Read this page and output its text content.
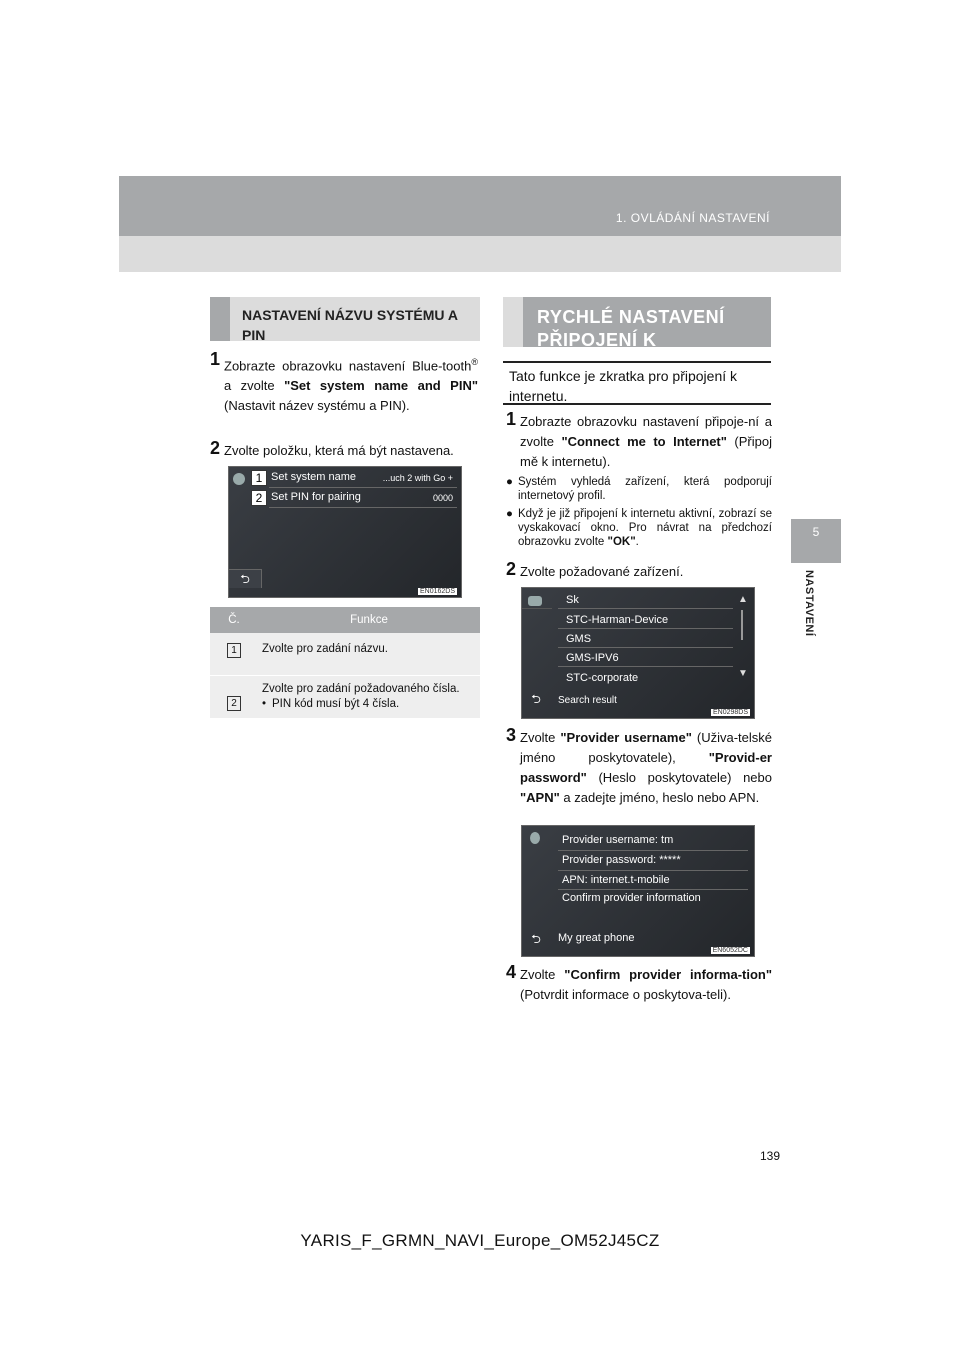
1. OVLÁDÁNÍ NASTAVENÍ
5
NASTAVENÍ
NASTAVENÍ NÁZVU SYSTÉMU A PIN
1 Zobrazte obrazovku nastavení Blue-tooth® a zvolte "Set system name and PIN" (Nastavit název systému a PIN).
2 Zvolte položku, která má být nastavena.
Set system name	...uch 2 with Go +
Set PIN for pairing	0000
1
2
⮌
EN0162DS
Č.	Funkce
1	Zvolte pro zadání názvu.
2	Zvolte pro zadání požadovaného čísla.
• PIN kód musí být 4 čísla.
RYCHLÉ NASTAVENÍ PŘIPOJENÍ K INTERNETU
Tato funkce je zkratka pro připojení k internetu.
1 Zobrazte obrazovku nastavení připoje-ní a zvolte "Connect me to Internet" (Připoj mě k internetu).
● Systém vyhledá zařízení, která podporují internetový profil.
● Když je již připojení k internetu aktivní, zobrazí se vyskakovací okno. Pro návrat na předchozí obrazovku zvolte "OK".
2 Zvolte požadované zařízení.
Sk
STC-Harman-Device
GMS
GMS-IPV6
STC-corporate
▲
▼
⮌	Search result
EN0298DS
3 Zvolte "Provider username" (Uživa-telské jméno poskytovatele), "Provid-er password" (Heslo poskytovatele) nebo "APN" a zadejte jméno, heslo nebo APN.
Provider username: tm
Provider password: *****
APN: internet.t-mobile
Confirm provider information
⮌	My great phone
EN6052DC
4 Zvolte "Confirm provider informa-tion" (Potvrdit informace o poskytova-teli).
139
YARIS_F_GRMN_NAVI_Europe_OM52J45CZ
